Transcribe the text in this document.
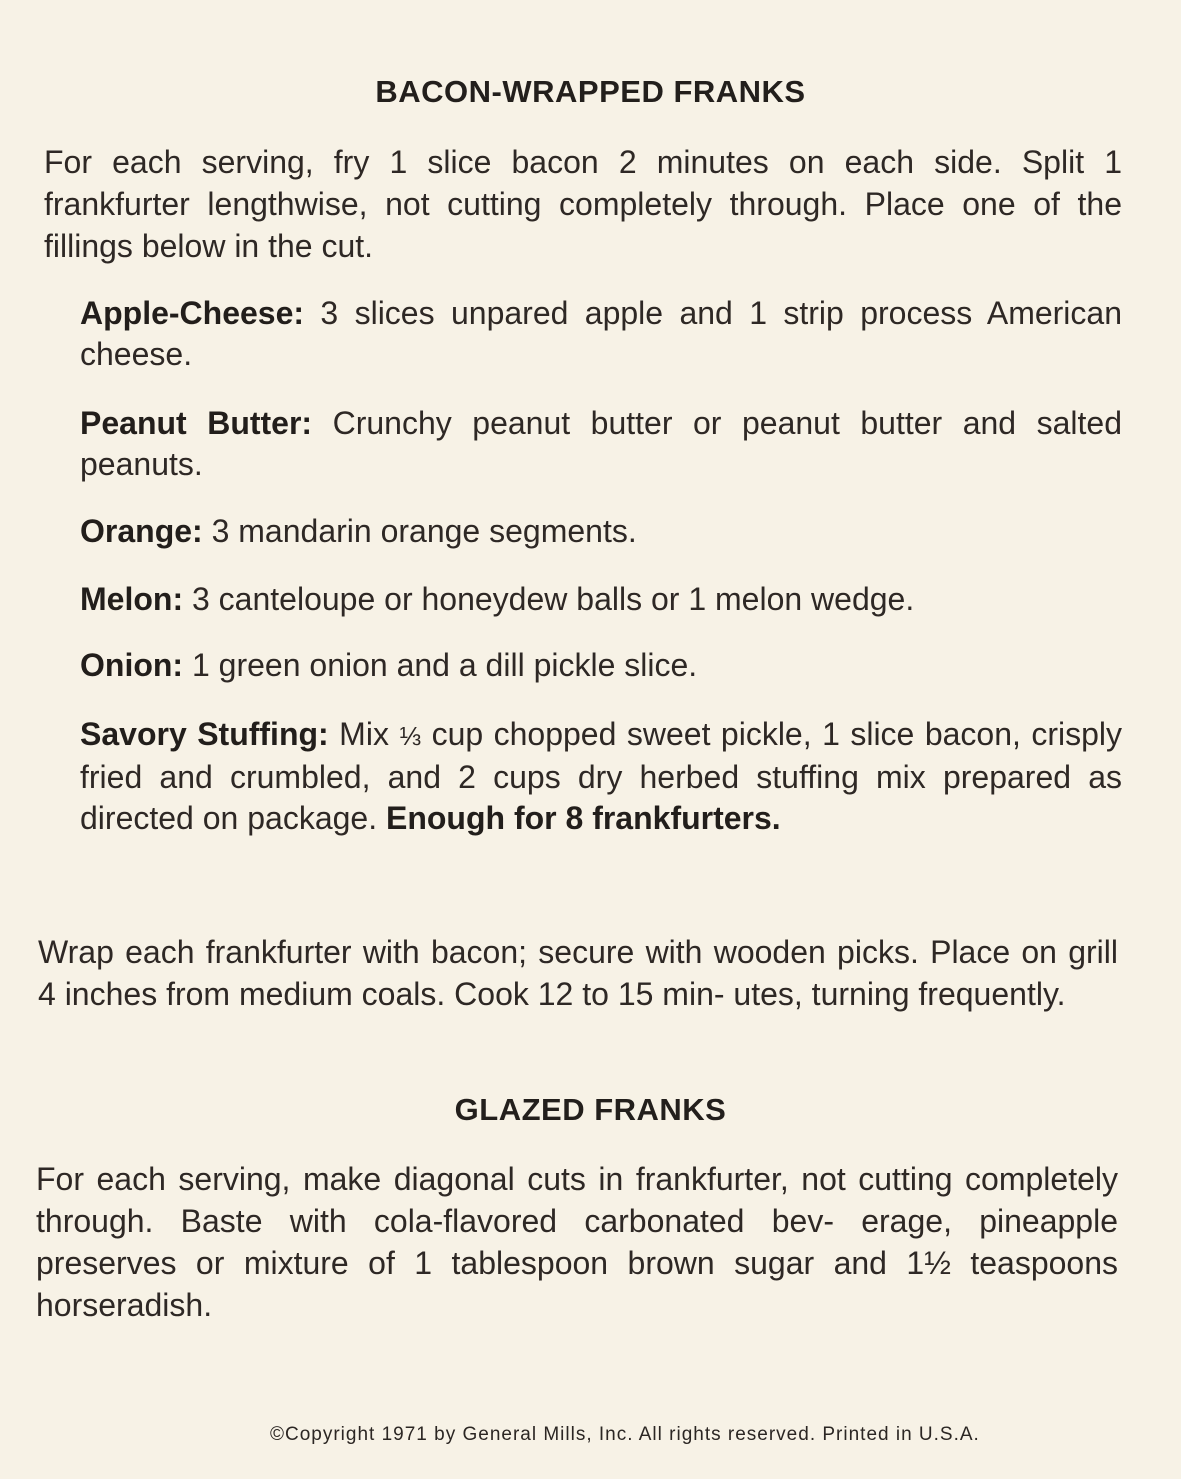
BACON-WRAPPED FRANKS
For each serving, fry 1 slice bacon 2 minutes on each side. Split 1 frankfurter lengthwise, not cutting completely through. Place one of the fillings below in the cut.
Apple-Cheese: 3 slices unpared apple and 1 strip process American cheese.
Peanut Butter: Crunchy peanut butter or peanut butter and salted peanuts.
Orange: 3 mandarin orange segments.
Melon: 3 canteloupe or honeydew balls or 1 melon wedge.
Onion: 1 green onion and a dill pickle slice.
Savory Stuffing: Mix ⅓ cup chopped sweet pickle, 1 slice bacon, crisply fried and crumbled, and 2 cups dry herbed stuffing mix prepared as directed on package. Enough for 8 frankfurters.
Wrap each frankfurter with bacon; secure with wooden picks. Place on grill 4 inches from medium coals. Cook 12 to 15 min- utes, turning frequently.
GLAZED FRANKS
For each serving, make diagonal cuts in frankfurter, not cutting completely through. Baste with cola-flavored carbonated bev- erage, pineapple preserves or mixture of 1 tablespoon brown sugar and 1½ teaspoons horseradish.
©Copyright 1971 by General Mills, Inc. All rights reserved. Printed in U.S.A.
